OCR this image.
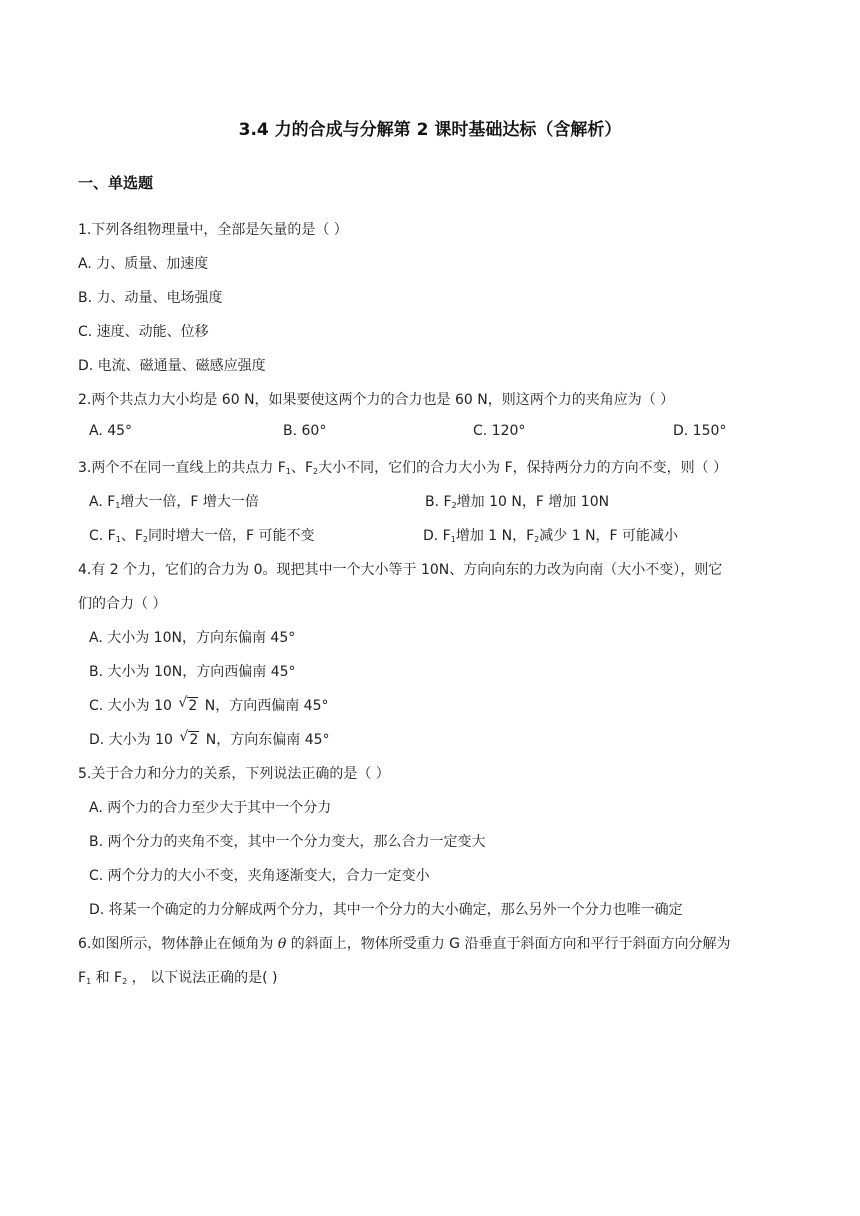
3.4 力的合成与分解第 2 课时基础达标（含解析）
一、单选题
1.下列各组物理量中，全部是矢量的是（ ）
A. 力、质量、加速度
B. 力、动量、电场强度
C. 速度、动能、位移
D. 电流、磁通量、磁感应强度
2.两个共点力大小均是 60 N，如果要使这两个力的合力也是 60 N，则这两个力的夹角应为（ ）
A. 45°	B. 60°	C. 120°	D. 150°
3.两个不在同一直线上的共点力 $F_1$、$F_2$大小不同，它们的合力大小为 F，保持两分力的方向不变，则（ ）
A. $F_1$增大一倍，F 增大一倍	B. $F_2$增加 10 N，F 增加 10N
C. $F_1$、$F_2$同时增大一倍，F 可能不变	D. $F_1$增加 1 N，$F_2$减少 1 N，F 可能减小
4.有 2 个力，它们的合力为 0。现把其中一个大小等于 10N、方向向东的力改为向南（大小不变），则它
们的合力（ ）
A. 大小为 10N，方向东偏南 45°
B. 大小为 10N，方向西偏南 45°
C. 大小为 10 √ 2 N，方向西偏南 45°
D. 大小为 10 √ 2 N，方向东偏南 45°
5.关于合力和分力的关系，下列说法正确的是（ ）
A. 两个力的合力至少大于其中一个分力
B. 两个分力的夹角不变，其中一个分力变大，那么合力一定变大
C. 两个分力的大小不变，夹角逐渐变大，合力一定变小
D. 将某一个确定的力分解成两个分力，其中一个分力的大小确定，那么另外一个分力也唯一确定
6.如图所示，物体静止在倾角为 θ 的斜面上，物体所受重力 G 沿垂直于斜面方向和平行于斜面方向分解为
$F_1$ 和 $F_2$ ， 以下说法正确的是( )
